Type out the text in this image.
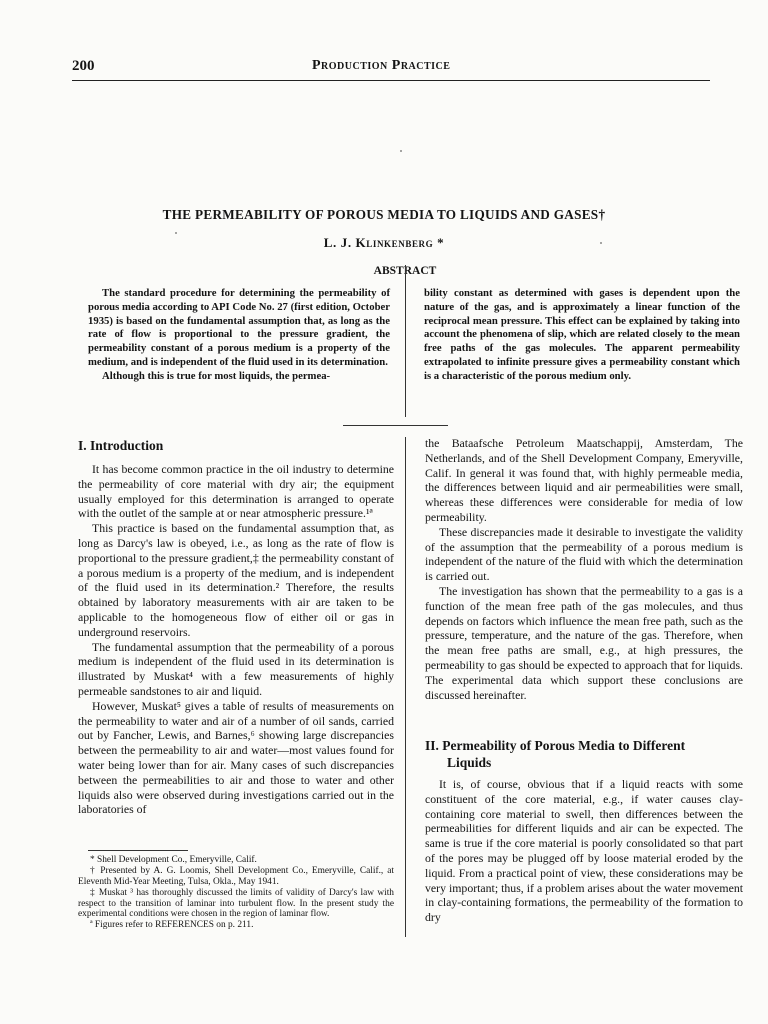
200	Production Practice
THE PERMEABILITY OF POROUS MEDIA TO LIQUIDS AND GASES†
L. J. Klinkenberg *
ABSTRACT

The standard procedure for determining the permeability of porous media according to API Code No. 27 (first edition, October 1935) is based on the fundamental assumption that, as long as the rate of flow is proportional to the pressure gradient, the permeability constant of a porous medium is a property of the medium, and is independent of the fluid used in its determination.

Although this is true for most liquids, the permea-

bility constant as determined with gases is dependent upon the nature of the gas, and is approximately a linear function of the reciprocal mean pressure. This effect can be explained by taking into account the phenomena of slip, which are related closely to the mean free paths of the gas molecules. The apparent permeability extrapolated to infinite pressure gives a permeability constant which is a characteristic of the porous medium only.

I. Introduction

It has become common practice in the oil industry to determine the permeability of core material with dry air; the equipment usually employed for this determination is arranged to operate with the outlet of the sample at or near atmospheric pressure.¹ª

This practice is based on the fundamental assumption that, as long as Darcy's law is obeyed, i.e., as long as the rate of flow is proportional to the pressure gradient,‡ the permeability constant of a porous medium is a property of the medium, and is independent of the fluid used in its determination.² Therefore, the results obtained by laboratory measurements with air are taken to be applicable to the homogeneous flow of either oil or gas in underground reservoirs.

The fundamental assumption that the permeability of a porous medium is independent of the fluid used in its determination is illustrated by Muskat⁴ with a few measurements of highly permeable sandstones to air and liquid.

However, Muskat⁵ gives a table of results of measurements on the permeability to water and air of a number of oil sands, carried out by Fancher, Lewis, and Barnes,⁶ showing large discrepancies between the permeability to air and water—most values found for water being lower than for air. Many cases of such discrepancies between the permeabilities to air and those to water and other liquids also were observed during investigations carried out in the laboratories of

* Shell Development Co., Emeryville, Calif.

† Presented by A. G. Loomis, Shell Development Co., Emeryville, Calif., at Eleventh Mid-Year Meeting, Tulsa, Okla., May 1941.

‡ Muskat ³ has thoroughly discussed the limits of validity of Darcy's law with respect to the transition of laminar into turbulent flow. In the present study the experimental conditions were chosen in the region of laminar flow.

ª Figures refer to REFERENCES on p. 211.

the Bataafsche Petroleum Maatschappij, Amsterdam, The Netherlands, and of the Shell Development Company, Emeryville, Calif. In general it was found that, with highly permeable media, the differences between liquid and air permeabilities were small, whereas these differences were considerable for media of low permeability.

These discrepancies made it desirable to investigate the validity of the assumption that the permeability of a porous medium is independent of the nature of the fluid with which the determination is carried out.

The investigation has shown that the permeability to a gas is a function of the mean free path of the gas molecules, and thus depends on factors which influence the mean free path, such as the pressure, temperature, and the nature of the gas. Therefore, when the mean free paths are small, e.g., at high pressures, the permeability to gas should be expected to approach that for liquids. The experimental data which support these conclusions are discussed hereinafter.

II. Permeability of Porous Media to Different
Liquids

It is, of course, obvious that if a liquid reacts with some constituent of the core material, e.g., if water causes clay-containing core material to swell, then differences between the permeabilities for different liquids and air can be expected. The same is true if the core material is poorly consolidated so that part of the pores may be plugged off by loose material eroded by the liquid. From a practical point of view, these considerations may be very important; thus, if a problem arises about the water movement in clay-containing formations, the permeability of the formation to dry
